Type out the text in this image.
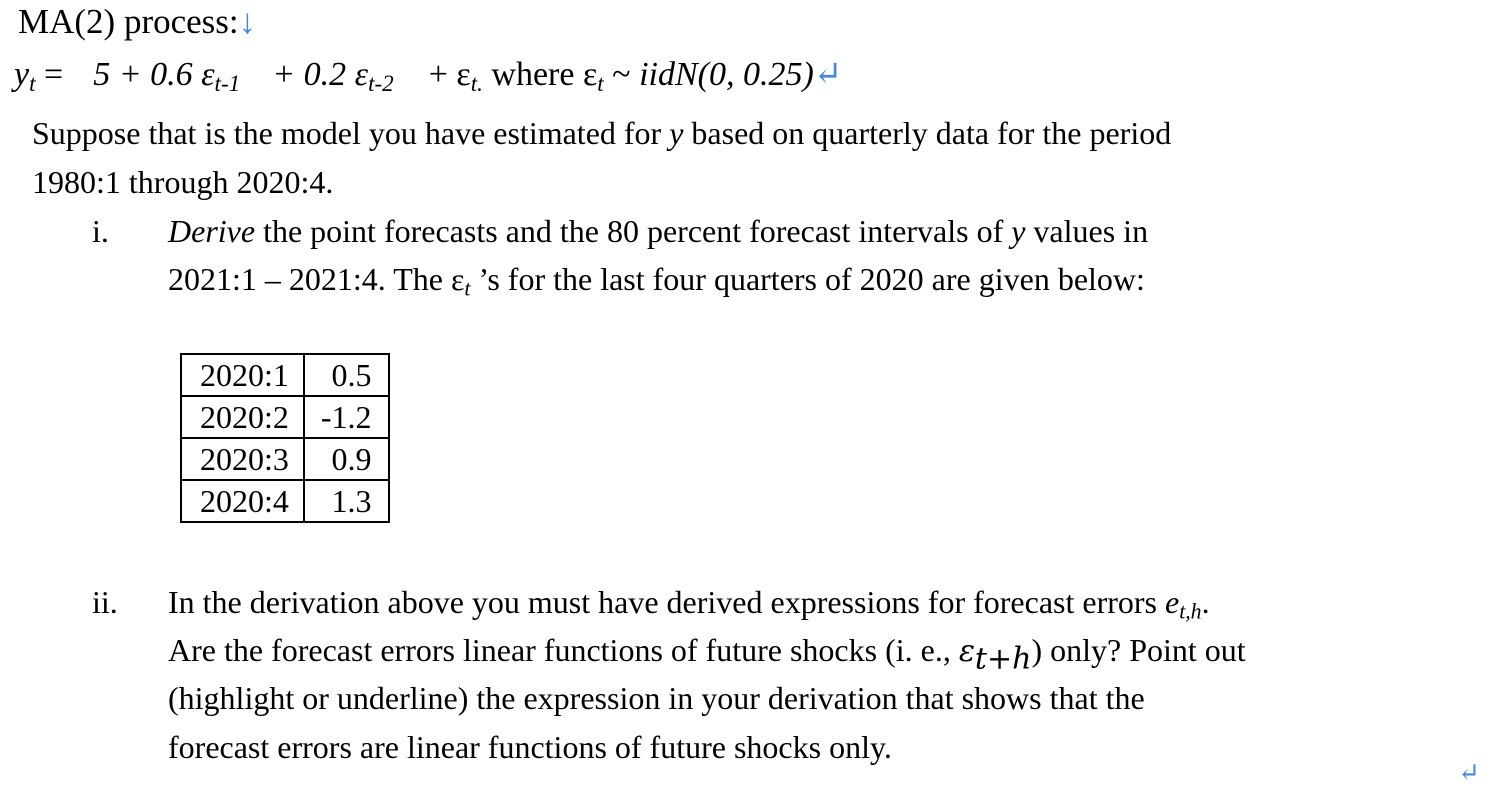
MA(2) process:↓
$y_t = 5 + 0.6$ $\varepsilon_{t-1} + 0.2$ $\varepsilon_{t-2} + \varepsilon_{t.}$ where $\varepsilon_t$ ~ iidN(0, 0.25)↵
Suppose that is the model you have estimated for y based on quarterly data for the period
1980:1 through 2020:4.
i. Derive the point forecasts and the 80 percent forecast intervals of y values in
2021:1 – 2021:4. The $\varepsilon_t$ ’s for the last four quarters of 2020 are given below:
2020:1	0.5
2020:2	-1.2
2020:3	0.9
2020:4	1.3
ii. In the derivation above you must have derived expressions for forecast errors $e_{t,h}$.
Are the forecast errors linear functions of future shocks (i. e., $\varepsilon_{t+h}$) only? Point out
(highlight or underline) the expression in your derivation that shows that the
forecast errors are linear functions of future shocks only.
↵
